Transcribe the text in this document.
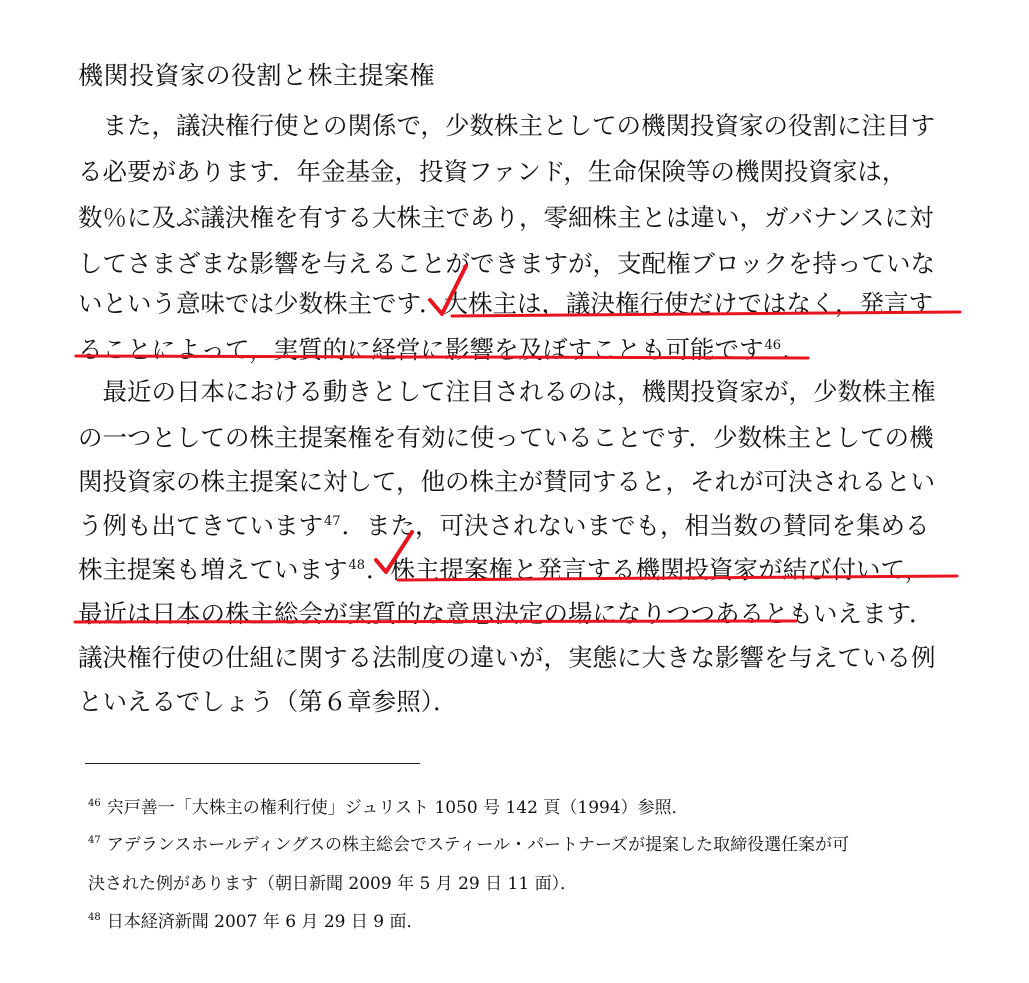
機関投資家の役割と株主提案権
　また，議決権行使との関係で，少数株主としての機関投資家の役割に注目す
る必要があります．年金基金，投資ファンド，生命保険等の機関投資家は，
数％に及ぶ議決権を有する大株主であり，零細株主とは違い，ガバナンスに対
してさまざまな影響を与えることができますが，支配権ブロックを持っていな
いという意味では少数株主です．大株主は，議決権行使だけではなく，発言す
ることによって，実質的に経営に影響を及ぼすことも可能です$^{46}$．
　最近の日本における動きとして注目されるのは，機関投資家が，少数株主権
の一つとしての株主提案権を有効に使っていることです．少数株主としての機
関投資家の株主提案に対して，他の株主が賛同すると，それが可決されるとい
う例も出てきています$^{47}$．また，可決されないまでも，相当数の賛同を集める
株主提案も増えています$^{48}$．株主提案権と発言する機関投資家が結び付いて，
最近は日本の株主総会が実質的な意思決定の場になりつつあるともいえます．
議決権行使の仕組に関する法制度の違いが，実態に大きな影響を与えている例
といえるでしょう（第６章参照）．
$^{46}$ 宍戸善一「大株主の権利行使」ジュリスト 1050 号 142 頁（1994）参照．
$^{47}$ アデランスホールディングスの株主総会でスティール・パートナーズが提案した取締役選任案が可
決された例があります（朝日新聞 2009 年 5 月 29 日 11 面）．
$^{48}$ 日本経済新聞 2007 年 6 月 29 日 9 面．
